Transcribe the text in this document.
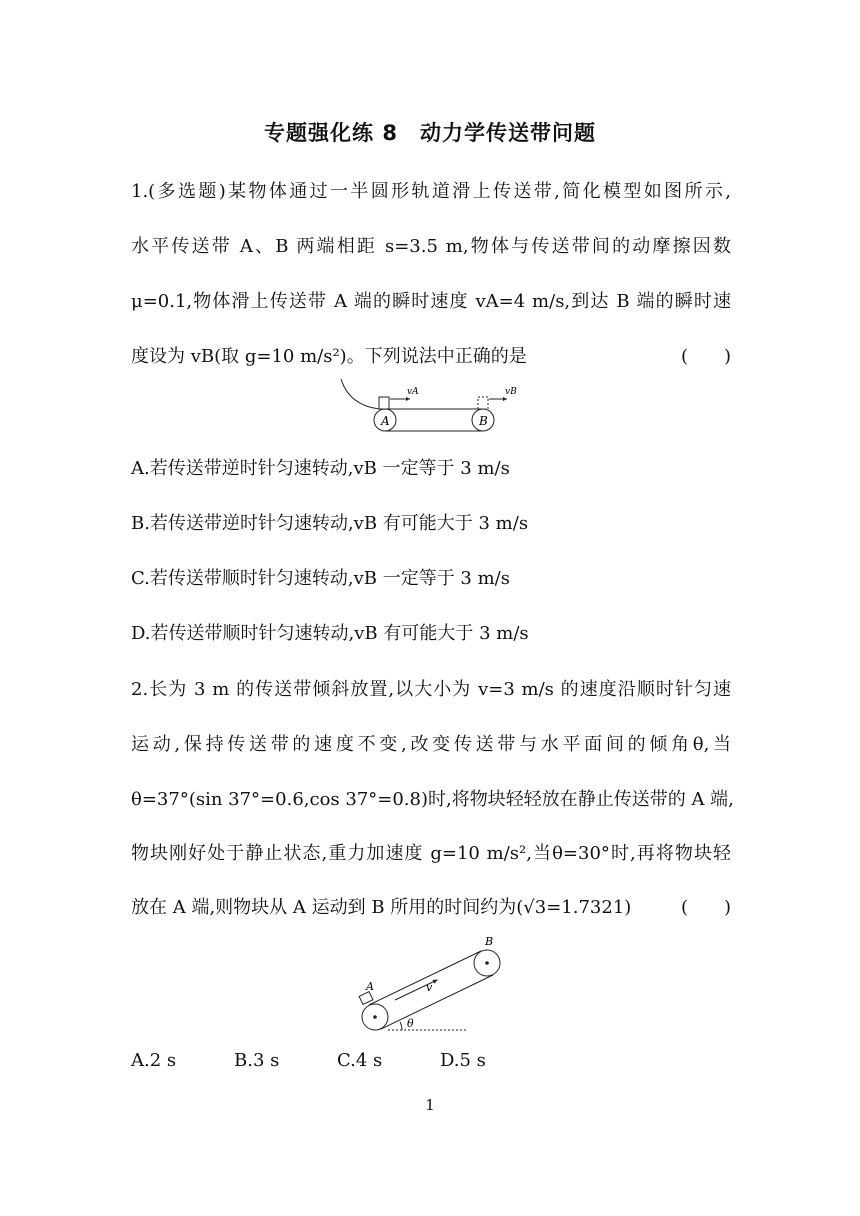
专题强化练 8　动力学传送带问题
1.(多选题)某物体通过一半圆形轨道滑上传送带,简化模型如图所示,
水平传送带 A、B 两端相距 s=3.5 m,物体与传送带间的动摩擦因数
μ=0.1,物体滑上传送带 A 端的瞬时速度 vA=4 m/s,到达 B 端的瞬时速
度设为 vB(取 g=10 m/s²)。下列说法中正确的是	(　　)
A	B
vA	vB
A.若传送带逆时针匀速转动,vB 一定等于 3 m/s
B.若传送带逆时针匀速转动,vB 有可能大于 3 m/s
C.若传送带顺时针匀速转动,vB 一定等于 3 m/s
D.若传送带顺时针匀速转动,vB 有可能大于 3 m/s
2.长为 3 m 的传送带倾斜放置,以大小为 v=3 m/s 的速度沿顺时针匀速
运动,保持传送带的速度不变,改变传送带与水平面间的倾角θ,当
θ=37°(sin 37°=0.6,cos 37°=0.8)时,将物块轻轻放在静止传送带的 A 端,
物块刚好处于静止状态,重力加速度 g=10 m/s²,当θ=30°时,再将物块轻
放在 A 端,则物块从 A 运动到 B 所用的时间约为(√3=1.7321)	(　　)
A
B
v
θ
A.2 s	B.3 s	C.4 s	D.5 s
1
